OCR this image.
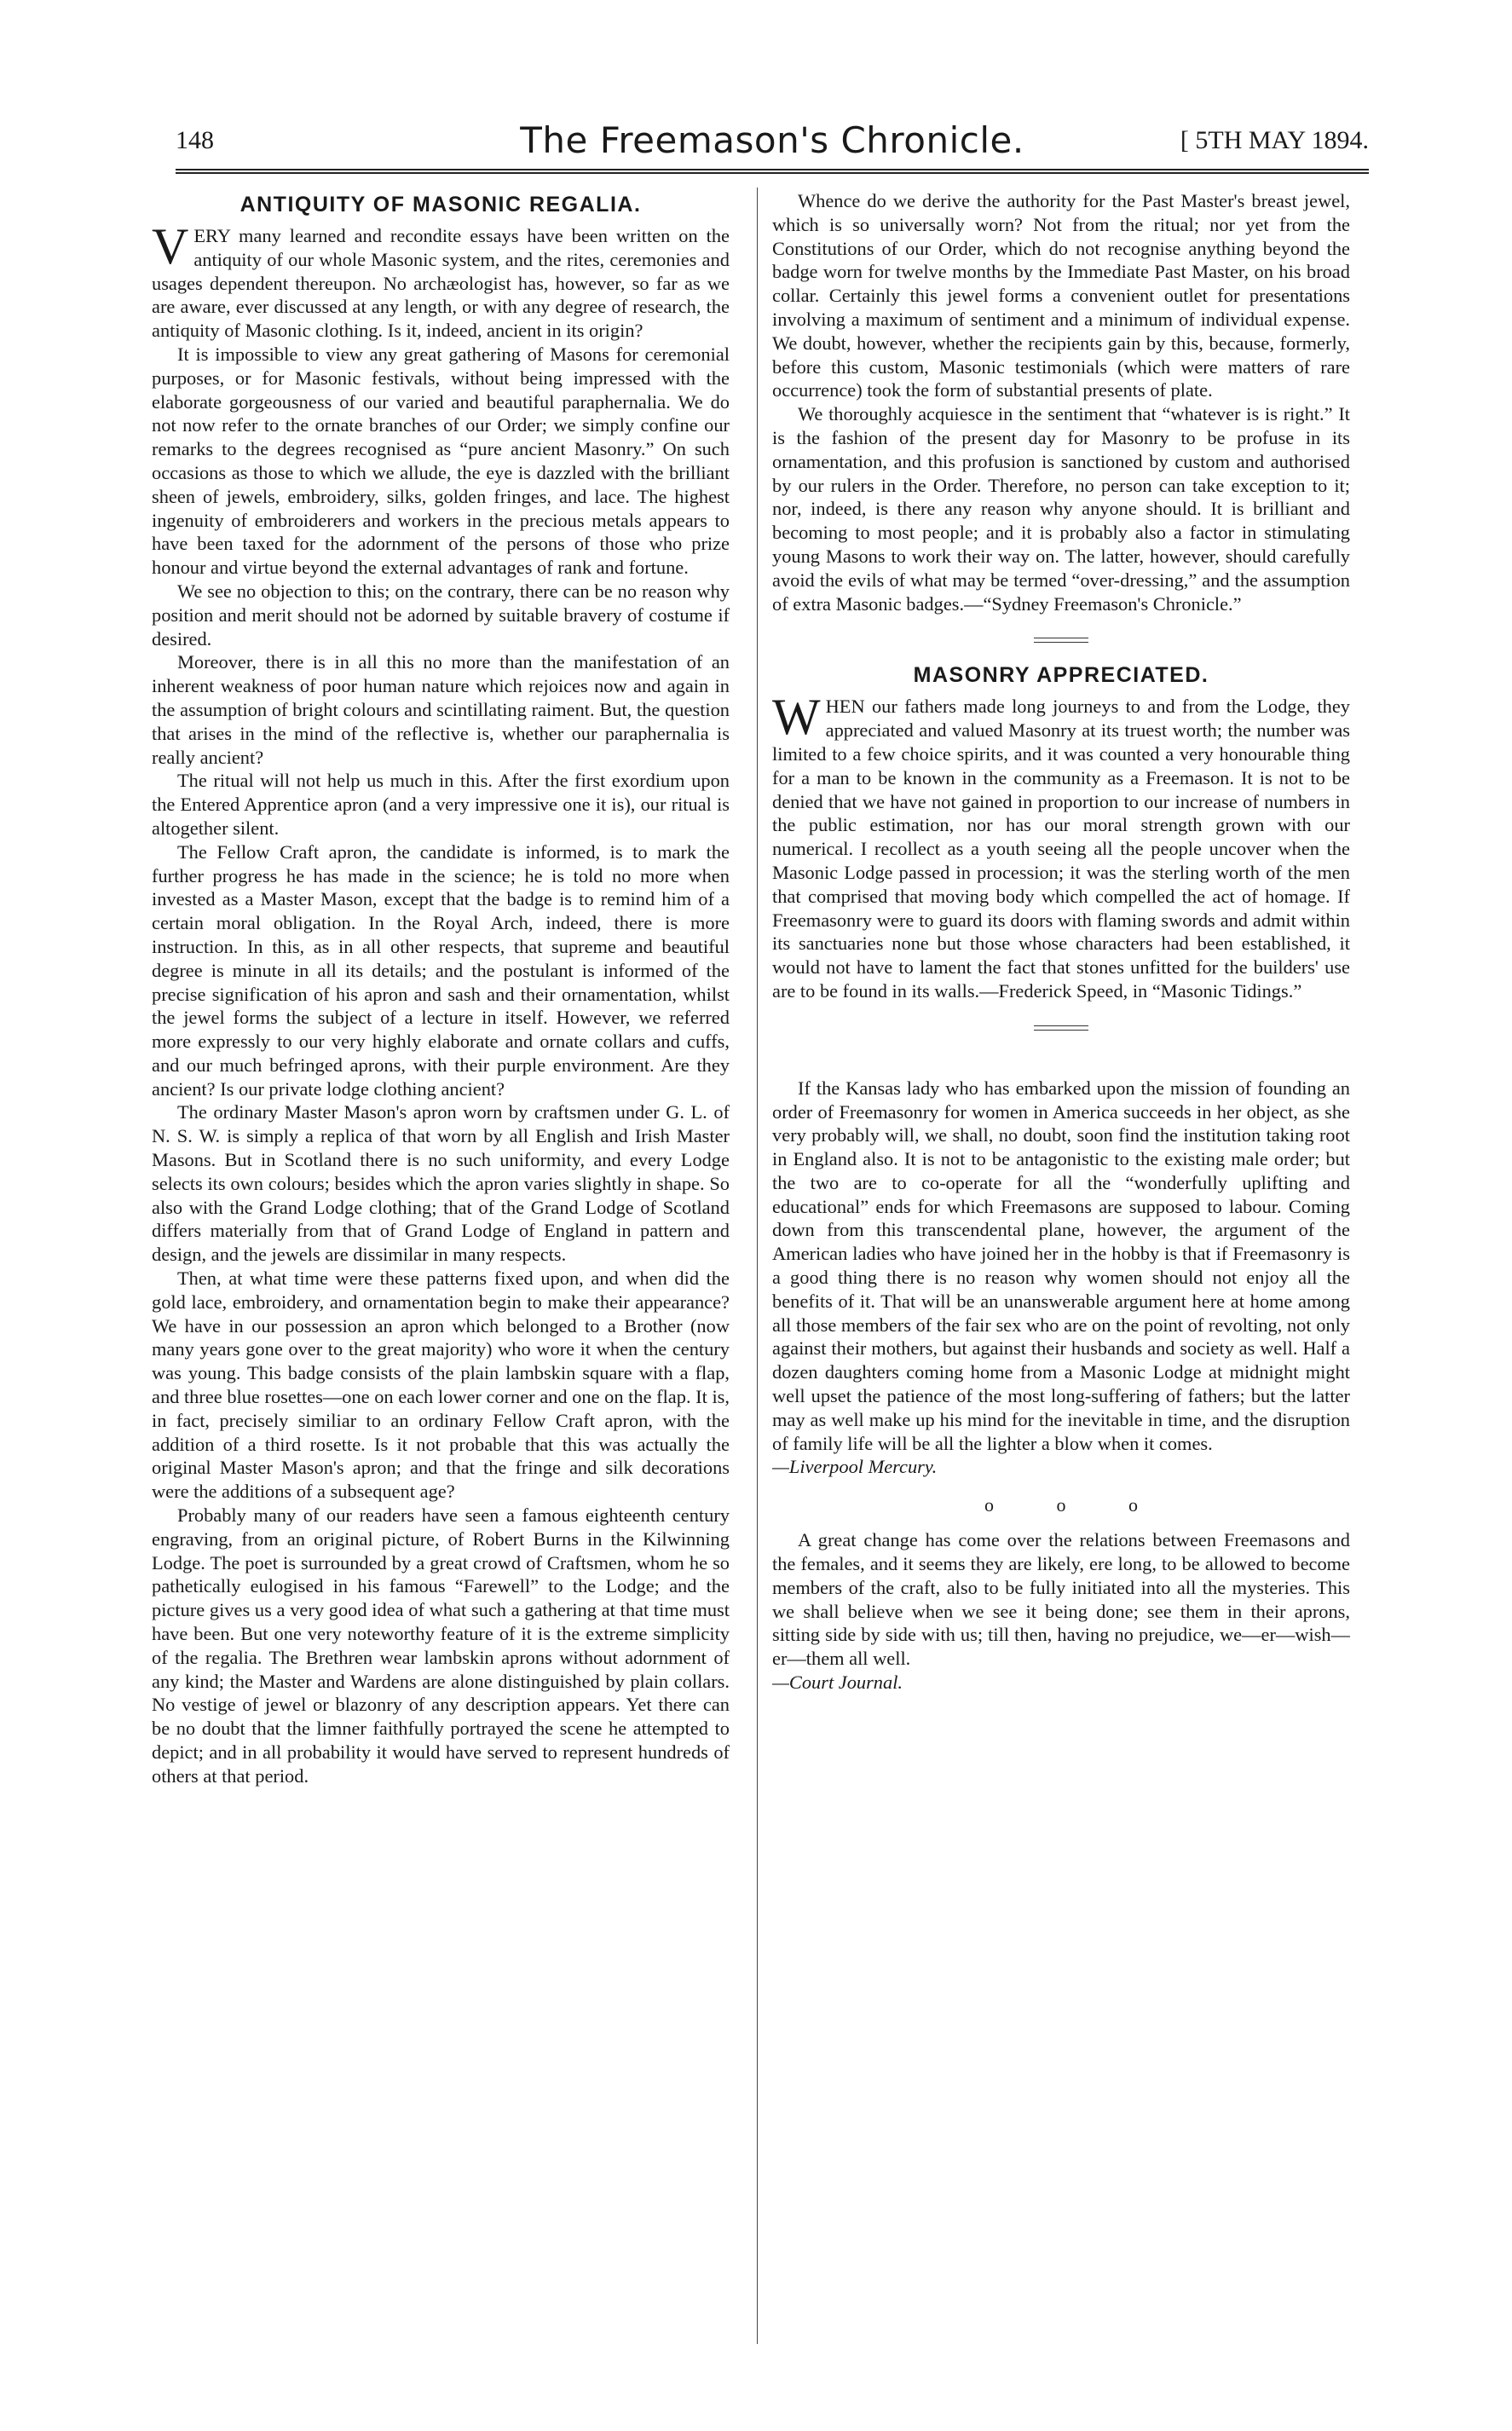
148	The Freemason's Chronicle.	[ 5TH MAY 1894.
ANTIQUITY OF MASONIC REGALIA.

VERY many learned and recondite essays have been written on the antiquity of our whole Masonic system, and the rites, ceremonies and usages dependent thereupon. No archæologist has, however, so far as we are aware, ever discussed at any length, or with any degree of research, the antiquity of Masonic clothing. Is it, indeed, ancient in its origin?

It is impossible to view any great gathering of Masons for ceremonial purposes, or for Masonic festivals, without being impressed with the elaborate gorgeousness of our varied and beautiful paraphernalia. We do not now refer to the ornate branches of our Order; we simply confine our remarks to the degrees recognised as “pure ancient Masonry.” On such occasions as those to which we allude, the eye is dazzled with the brilliant sheen of jewels, embroidery, silks, golden fringes, and lace. The highest ingenuity of embroiderers and workers in the precious metals appears to have been taxed for the adornment of the persons of those who prize honour and virtue beyond the external advantages of rank and fortune.

We see no objection to this; on the contrary, there can be no reason why position and merit should not be adorned by suitable bravery of costume if desired.

Moreover, there is in all this no more than the manifestation of an inherent weakness of poor human nature which rejoices now and again in the assumption of bright colours and scintillating raiment. But, the question that arises in the mind of the reflective is, whether our paraphernalia is really ancient?

The ritual will not help us much in this. After the first exordium upon the Entered Apprentice apron (and a very impressive one it is), our ritual is altogether silent.

The Fellow Craft apron, the candidate is informed, is to mark the further progress he has made in the science; he is told no more when invested as a Master Mason, except that the badge is to remind him of a certain moral obligation. In the Royal Arch, indeed, there is more instruction. In this, as in all other respects, that supreme and beautiful degree is minute in all its details; and the postulant is informed of the precise signification of his apron and sash and their ornamentation, whilst the jewel forms the subject of a lecture in itself. However, we referred more expressly to our very highly elaborate and ornate collars and cuffs, and our much befringed aprons, with their purple environment. Are they ancient? Is our private lodge clothing ancient?

The ordinary Master Mason's apron worn by craftsmen under G. L. of N. S. W. is simply a replica of that worn by all English and Irish Master Masons. But in Scotland there is no such uniformity, and every Lodge selects its own colours; besides which the apron varies slightly in shape. So also with the Grand Lodge clothing; that of the Grand Lodge of Scotland differs materially from that of Grand Lodge of England in pattern and design, and the jewels are dissimilar in many respects.

Then, at what time were these patterns fixed upon, and when did the gold lace, embroidery, and ornamentation begin to make their appearance? We have in our possession an apron which belonged to a Brother (now many years gone over to the great majority) who wore it when the century was young. This badge consists of the plain lambskin square with a flap, and three blue rosettes—one on each lower corner and one on the flap. It is, in fact, precisely similiar to an ordinary Fellow Craft apron, with the addition of a third rosette. Is it not probable that this was actually the original Master Mason's apron; and that the fringe and silk decorations were the additions of a subsequent age?

Probably many of our readers have seen a famous eighteenth century engraving, from an original picture, of Robert Burns in the Kilwinning Lodge. The poet is surrounded by a great crowd of Craftsmen, whom he so pathetically eulogised in his famous “Farewell” to the Lodge; and the picture gives us a very good idea of what such a gathering at that time must have been. But one very noteworthy feature of it is the extreme simplicity of the regalia. The Brethren wear lambskin aprons without adornment of any kind; the Master and Wardens are alone distinguished by plain collars. No vestige of jewel or blazonry of any description appears. Yet there can be no doubt that the limner faithfully portrayed the scene he attempted to depict; and in all probability it would have served to represent hundreds of others at that period.

Whence do we derive the authority for the Past Master's breast jewel, which is so universally worn? Not from the ritual; nor yet from the Constitutions of our Order, which do not recognise anything beyond the badge worn for twelve months by the Immediate Past Master, on his broad collar. Certainly this jewel forms a convenient outlet for presentations involving a maximum of sentiment and a minimum of individual expense. We doubt, however, whether the recipients gain by this, because, formerly, before this custom, Masonic testimonials (which were matters of rare occurrence) took the form of substantial presents of plate.

We thoroughly acquiesce in the sentiment that “whatever is is right.” It is the fashion of the present day for Masonry to be profuse in its ornamentation, and this profusion is sanctioned by custom and authorised by our rulers in the Order. Therefore, no person can take exception to it; nor, indeed, is there any reason why anyone should. It is brilliant and becoming to most people; and it is probably also a factor in stimulating young Masons to work their way on. The latter, however, should carefully avoid the evils of what may be termed “over-dressing,” and the assumption of extra Masonic badges.—“Sydney Freemason's Chronicle.”

MASONRY APPRECIATED.

WHEN our fathers made long journeys to and from the Lodge, they appreciated and valued Masonry at its truest worth; the number was limited to a few choice spirits, and it was counted a very honourable thing for a man to be known in the community as a Freemason. It is not to be denied that we have not gained in proportion to our increase of numbers in the public estimation, nor has our moral strength grown with our numerical. I recollect as a youth seeing all the people uncover when the Masonic Lodge passed in procession; it was the sterling worth of the men that comprised that moving body which compelled the act of homage. If Freemasonry were to guard its doors with flaming swords and admit within its sanctuaries none but those whose characters had been established, it would not have to lament the fact that stones unfitted for the builders' use are to be found in its walls.—Frederick Speed, in “Masonic Tidings.”

If the Kansas lady who has embarked upon the mission of founding an order of Freemasonry for women in America succeeds in her object, as she very probably will, we shall, no doubt, soon find the institution taking root in England also. It is not to be antagonistic to the existing male order; but the two are to co-operate for all the “wonderfully uplifting and educational” ends for which Freemasons are supposed to labour. Coming down from this transcendental plane, however, the argument of the American ladies who have joined her in the hobby is that if Freemasonry is a good thing there is no reason why women should not enjoy all the benefits of it. That will be an unanswerable argument here at home among all those members of the fair sex who are on the point of revolting, not only against their mothers, but against their husbands and society as well. Half a dozen daughters coming home from a Masonic Lodge at midnight might well upset the patience of the most long-suffering of fathers; but the latter may as well make up his mind for the inevitable in time, and the disruption of family life will be all the lighter a blow when it comes.

—Liverpool Mercury.

o o o

A great change has come over the relations between Freemasons and the females, and it seems they are likely, ere long, to be allowed to become members of the craft, also to be fully initiated into all the mysteries. This we shall believe when we see it being done; see them in their aprons, sitting side by side with us; till then, having no prejudice, we—er—wish—er—them all well.

—Court Journal.
